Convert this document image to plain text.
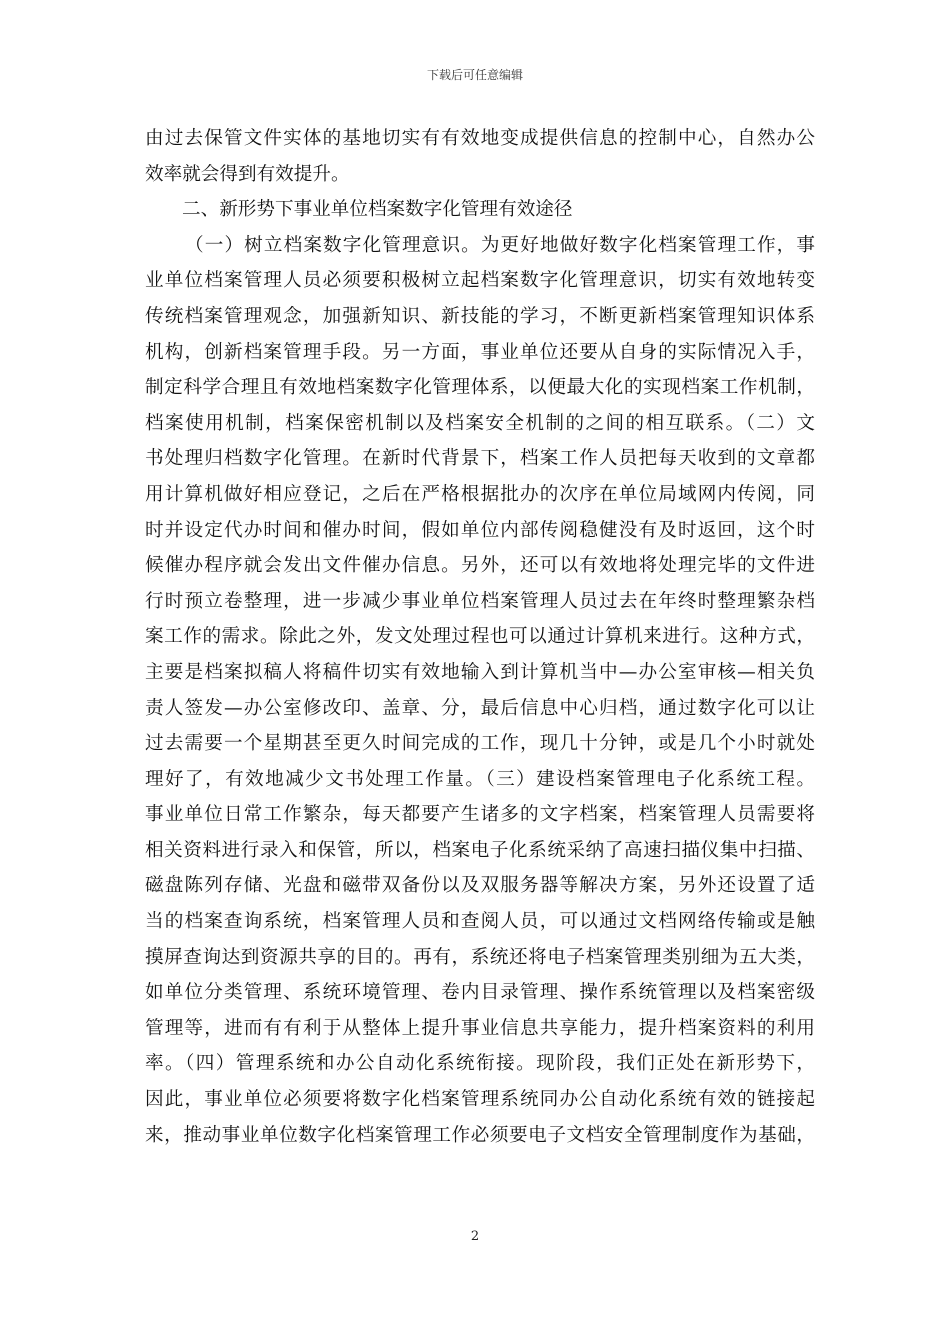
下载后可任意编辑
由过去保管文件实体的基地切实有有效地变成提供信息的控制中心，自然办公
效率就会得到有效提升。
二、新形势下事业单位档案数字化管理有效途径
（一）树立档案数字化管理意识。为更好地做好数字化档案管理工作，事
业单位档案管理人员必须要积极树立起档案数字化管理意识，切实有效地转变
传统档案管理观念，加强新知识、新技能的学习，不断更新档案管理知识体系
机构，创新档案管理手段。另一方面，事业单位还要从自身的实际情况入手，
制定科学合理且有效地档案数字化管理体系，以便最大化的实现档案工作机制，
档案使用机制，档案保密机制以及档案安全机制的之间的相互联系。（二）文
书处理归档数字化管理。在新时代背景下，档案工作人员把每天收到的文章都
用计算机做好相应登记，之后在严格根据批办的次序在单位局域网内传阅，同
时并设定代办时间和催办时间，假如单位内部传阅稳健没有及时返回，这个时
候催办程序就会发出文件催办信息。另外，还可以有效地将处理完毕的文件进
行时预立卷整理，进一步减少事业单位档案管理人员过去在年终时整理繁杂档
案工作的需求。除此之外，发文处理过程也可以通过计算机来进行。这种方式，
主要是档案拟稿人将稿件切实有效地输入到计算机当中—办公室审核—相关负
责人签发—办公室修改印、盖章、分，最后信息中心归档，通过数字化可以让
过去需要一个星期甚至更久时间完成的工作，现几十分钟，或是几个小时就处
理好了，有效地减少文书处理工作量。（三）建设档案管理电子化系统工程。
事业单位日常工作繁杂，每天都要产生诸多的文字档案，档案管理人员需要将
相关资料进行录入和保管，所以，档案电子化系统采纳了高速扫描仪集中扫描、
磁盘陈列存储、光盘和磁带双备份以及双服务器等解决方案，另外还设置了适
当的档案查询系统，档案管理人员和查阅人员，可以通过文档网络传输或是触
摸屏查询达到资源共享的目的。再有，系统还将电子档案管理类别细为五大类，
如单位分类管理、系统环境管理、卷内目录管理、操作系统管理以及档案密级
管理等，进而有有利于从整体上提升事业信息共享能力，提升档案资料的利用
率。（四）管理系统和办公自动化系统衔接。现阶段，我们正处在新形势下，
因此，事业单位必须要将数字化档案管理系统同办公自动化系统有效的链接起
来，推动事业单位数字化档案管理工作必须要电子文档安全管理制度作为基础，
2
